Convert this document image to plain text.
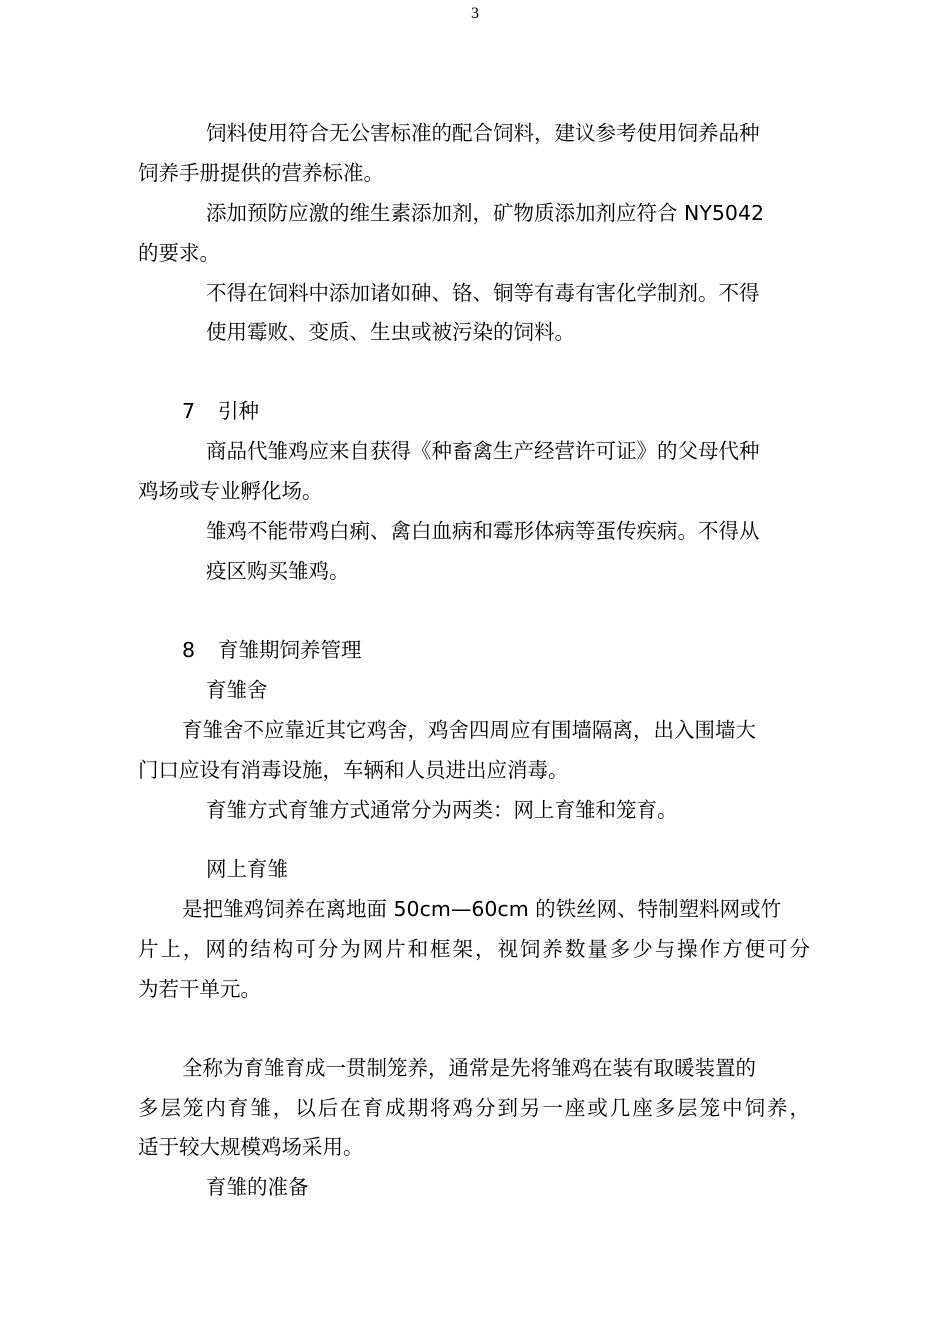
3
饲料使用符合无公害标准的配合饲料，建议参考使用饲养品种
饲养手册提供的营养标准。
添加预防应激的维生素添加剂，矿物质添加剂应符合 NY5042
的要求。
不得在饲料中添加诸如砷、铬、铜等有毒有害化学制剂。不得
使用霉败、变质、生虫或被污染的饲料。
7 引种
商品代雏鸡应来自获得《种畜禽生产经营许可证》的父母代种
鸡场或专业孵化场。
雏鸡不能带鸡白痢、禽白血病和霉形体病等蛋传疾病。不得从
疫区购买雏鸡。
8 育雏期饲养管理
育雏舍
育雏舍不应靠近其它鸡舍，鸡舍四周应有围墙隔离，出入围墙大
门口应设有消毒设施，车辆和人员进出应消毒。
育雏方式育雏方式通常分为两类：网上育雏和笼育。
网上育雏
是把雏鸡饲养在离地面 50cm—60cm 的铁丝网、特制塑料网或竹
片上，网的结构可分为网片和框架，视饲养数量多少与操作方便可分
为若干单元。
全称为育雏育成一贯制笼养，通常是先将雏鸡在装有取暖装置的
多层笼内育雏，以后在育成期将鸡分到另一座或几座多层笼中饲养，
适于较大规模鸡场采用。
育雏的准备
